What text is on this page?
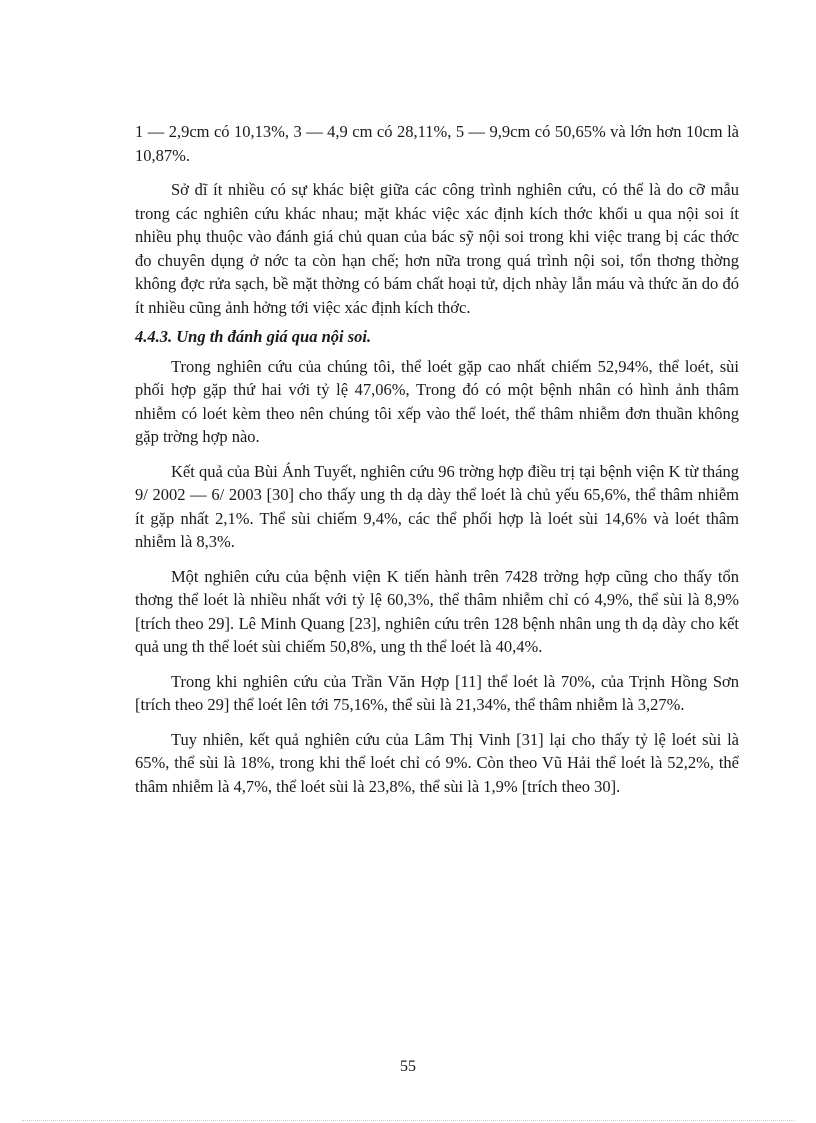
1 — 2,9cm có 10,13%, 3 — 4,9 cm có 28,11%, 5 — 9,9cm có 50,65% và lớn hơn 10cm là 10,87%.

Sở dĩ ít nhiều có sự khác biệt giữa các công trình nghiên cứu, có thể là do cỡ mẫu trong các nghiên cứu khác nhau; mặt khác việc xác định kích thớc khối u qua nội soi ít nhiều phụ thuộc vào đánh giá chủ quan của bác sỹ nội soi trong khi việc trang bị các thớc đo chuyên dụng ở nớc ta còn hạn chế; hơn nữa trong quá trình nội soi, tổn thơng thờng không đợc rửa sạch, bề mặt thờng có bám chất hoại tử, dịch nhày lẫn máu và thức ăn do đó ít nhiều cũng ảnh hởng tới việc xác định kích thớc.

4.4.3. Ung th đánh giá qua nội soi.

Trong nghiên cứu của chúng tôi, thể loét gặp cao nhất chiếm 52,94%, thể loét, sùi phối hợp gặp thứ hai với tỷ lệ 47,06%, Trong đó có một bệnh nhân có hình ảnh thâm nhiễm có loét kèm theo nên chúng tôi xếp vào thể loét, thể thâm nhiễm đơn thuần không gặp trờng hợp nào.

Kết quả của Bùi Ánh Tuyết, nghiên cứu 96 trờng hợp điều trị tại bệnh viện K từ tháng 9/ 2002 — 6/ 2003 [30] cho thấy ung th dạ dày thể loét là chủ yếu 65,6%, thể thâm nhiễm ít gặp nhất 2,1%. Thể sùi chiếm 9,4%, các thể phối hợp là loét sùi 14,6% và loét thâm nhiễm là 8,3%.

Một nghiên cứu của bệnh viện K tiến hành trên 7428 trờng hợp cũng cho thấy tổn thơng thể loét là nhiều nhất với tỷ lệ 60,3%, thể thâm nhiễm chỉ có 4,9%, thể sùi là 8,9% [trích theo 29]. Lê Minh Quang [23], nghiên cứu trên 128 bệnh nhân ung th dạ dày cho kết quả ung th thể loét sùi chiếm 50,8%, ung th thể loét là 40,4%.

Trong khi nghiên cứu của Trần Văn Hợp [11] thể loét là 70%, của Trịnh Hồng Sơn [trích theo 29] thể loét lên tới 75,16%, thể sùi là 21,34%, thể thâm nhiễm là 3,27%.

Tuy nhiên, kết quả nghiên cứu của Lâm Thị Vinh [31] lại cho thấy tỷ lệ loét sùi là 65%, thể sùi là 18%, trong khi thể loét chỉ có 9%. Còn theo Vũ Hải thể loét là 52,2%, thể thâm nhiễm là 4,7%, thể loét sùi là 23,8%, thể sùi là 1,9% [trích theo 30].

55
